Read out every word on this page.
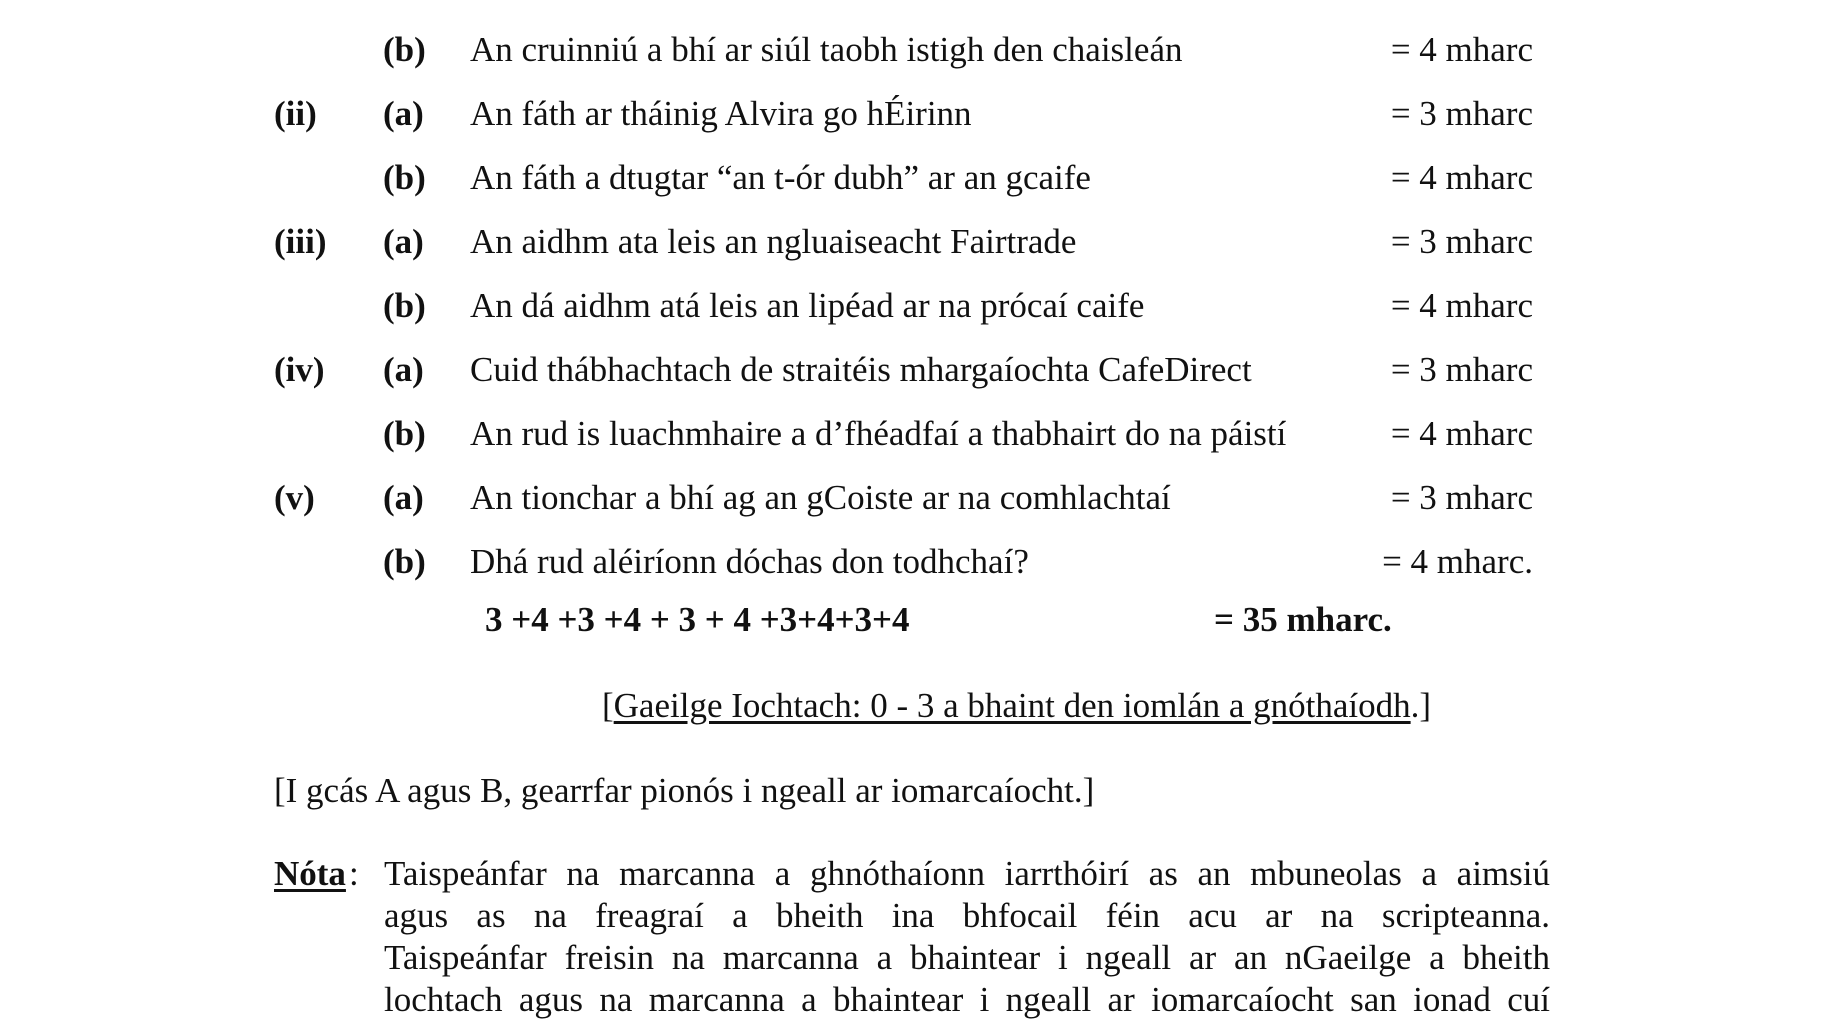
(b) An cruinniú a bhí ar siúl taobh istigh den chaisleán	= 4 mharc
(ii) (a) An fáth ar tháinig Alvira go hÉirinn	= 3 mharc
(b) An fáth a dtugtar “an t-ór dubh” ar an gcaife	= 4 mharc
(iii) (a) An aidhm ata leis an ngluaiseacht Fairtrade	= 3 mharc
(b) An dá aidhm atá leis an lipéad ar na prócaí caife	= 4 mharc
(iv) (a) Cuid thábhachtach de straitéis mhargaíochta CafeDirect	= 3 mharc
(b) An rud is luachmhaire a d’fhéadfaí a thabhairt do na páistí	= 4 mharc
(v) (a) An tionchar a bhí ag an gCoiste ar na comhlachtaí	= 3 mharc
(b) Dhá rud aléiríonn dóchas don todhchaí?	= 4 mharc.
3 +4 +3 +4 + 3 + 4 +3+4+3+4	= 35 mharc.
[Gaeilge Iochtach: 0 - 3 a bhaint den iomlán a gnóthaíodh.]
[I gcás A agus B, gearrfar pionós i ngeall ar iomarcaíocht.]
Nóta : Taispeánfar na marcanna a ghnóthaíonn iarrthóirí as an mbuneolas a aimsiú
agus as na freagraí a bheith ina bhfocail féin acu ar na scripteanna.
Taispeánfar freisin na marcanna a bhaintear i ngeall ar an nGaeilge a bheith
lochtach agus na marcanna a bhaintear i ngeall ar iomarcaíocht san ionad cuí
